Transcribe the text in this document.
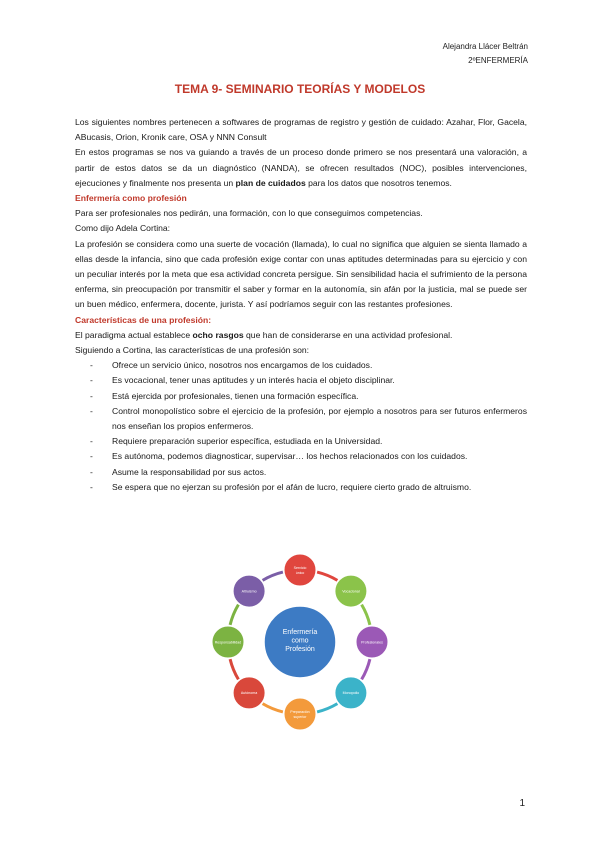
Alejandra Llácer Beltrán
2ºENFERMERÍA
TEMA 9- SEMINARIO TEORÍAS Y MODELOS

Los siguientes nombres pertenecen a softwares de programas de registro y gestión de cuidado: Azahar, Flor, Gacela, ABucasis, Orion, Kronik care, OSA y NNN Consult

En estos programas se nos va guiando a través de un proceso donde primero se nos presentará una valoración, a partir de estos datos se da un diagnóstico (NANDA), se ofrecen resultados (NOC), posibles intervenciones, ejecuciones y finalmente nos presenta un plan de cuidados para los datos que nosotros tenemos.

Enfermería como profesión

Para ser profesionales nos pedirán, una formación, con lo que conseguimos competencias.

Como dijo Adela Cortina:

La profesión se considera como una suerte de vocación (llamada), lo cual no significa que alguien se sienta llamado a ellas desde la infancia, sino que cada profesión exige contar con unas aptitudes determinadas para su ejercicio y con un peculiar interés por la meta que esa actividad concreta persigue. Sin sensibilidad hacia el sufrimiento de la persona enferma, sin preocupación por transmitir el saber y formar en la autonomía, sin afán por la justicia, mal se puede ser un buen médico, enfermera, docente, jurista. Y así podríamos seguir con las restantes profesiones.

Características de una profesión:

El paradigma actual establece ocho rasgos que han de considerarse en una actividad profesional.

Siguiendo a Cortina, las características de una profesión son:

- Ofrece un servicio único, nosotros nos encargamos de los cuidados.
- Es vocacional, tener unas aptitudes y un interés hacia el objeto disciplinar.
- Está ejercida por profesionales, tienen una formación específica.
- Control monopolístico sobre el ejercicio de la profesión, por ejemplo a nosotros para ser futuros enfermeros nos enseñan los propios enfermeros.
- Requiere preparación superior específica, estudiada en la Universidad.
- Es autónoma, podemos diagnosticar, supervisar… los hechos relacionados con los cuidados.
- Asume la responsabilidad por sus actos.
- Se espera que no ejerzan su profesión por el afán de lucro, requiere cierto grado de altruismo.
Enfermería como Profesión
Servicio único
Vocacional
Profesionales
Monopolio
Preparación superior
Autónoma
Responsabilidad
Altruismo
1
